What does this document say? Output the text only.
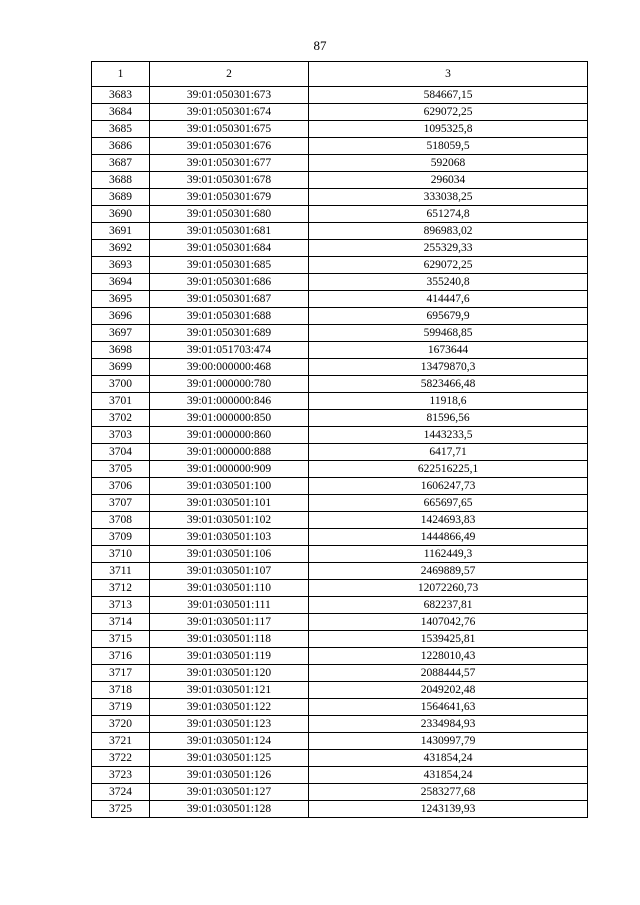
87
1	2	3
3683	39:01:050301:673	584667,15
3684	39:01:050301:674	629072,25
3685	39:01:050301:675	1095325,8
3686	39:01:050301:676	518059,5
3687	39:01:050301:677	592068
3688	39:01:050301:678	296034
3689	39:01:050301:679	333038,25
3690	39:01:050301:680	651274,8
3691	39:01:050301:681	896983,02
3692	39:01:050301:684	255329,33
3693	39:01:050301:685	629072,25
3694	39:01:050301:686	355240,8
3695	39:01:050301:687	414447,6
3696	39:01:050301:688	695679,9
3697	39:01:050301:689	599468,85
3698	39:01:051703:474	1673644
3699	39:00:000000:468	13479870,3
3700	39:01:000000:780	5823466,48
3701	39:01:000000:846	11918,6
3702	39:01:000000:850	81596,56
3703	39:01:000000:860	1443233,5
3704	39:01:000000:888	6417,71
3705	39:01:000000:909	622516225,1
3706	39:01:030501:100	1606247,73
3707	39:01:030501:101	665697,65
3708	39:01:030501:102	1424693,83
3709	39:01:030501:103	1444866,49
3710	39:01:030501:106	1162449,3
3711	39:01:030501:107	2469889,57
3712	39:01:030501:110	12072260,73
3713	39:01:030501:111	682237,81
3714	39:01:030501:117	1407042,76
3715	39:01:030501:118	1539425,81
3716	39:01:030501:119	1228010,43
3717	39:01:030501:120	2088444,57
3718	39:01:030501:121	2049202,48
3719	39:01:030501:122	1564641,63
3720	39:01:030501:123	2334984,93
3721	39:01:030501:124	1430997,79
3722	39:01:030501:125	431854,24
3723	39:01:030501:126	431854,24
3724	39:01:030501:127	2583277,68
3725	39:01:030501:128	1243139,93
